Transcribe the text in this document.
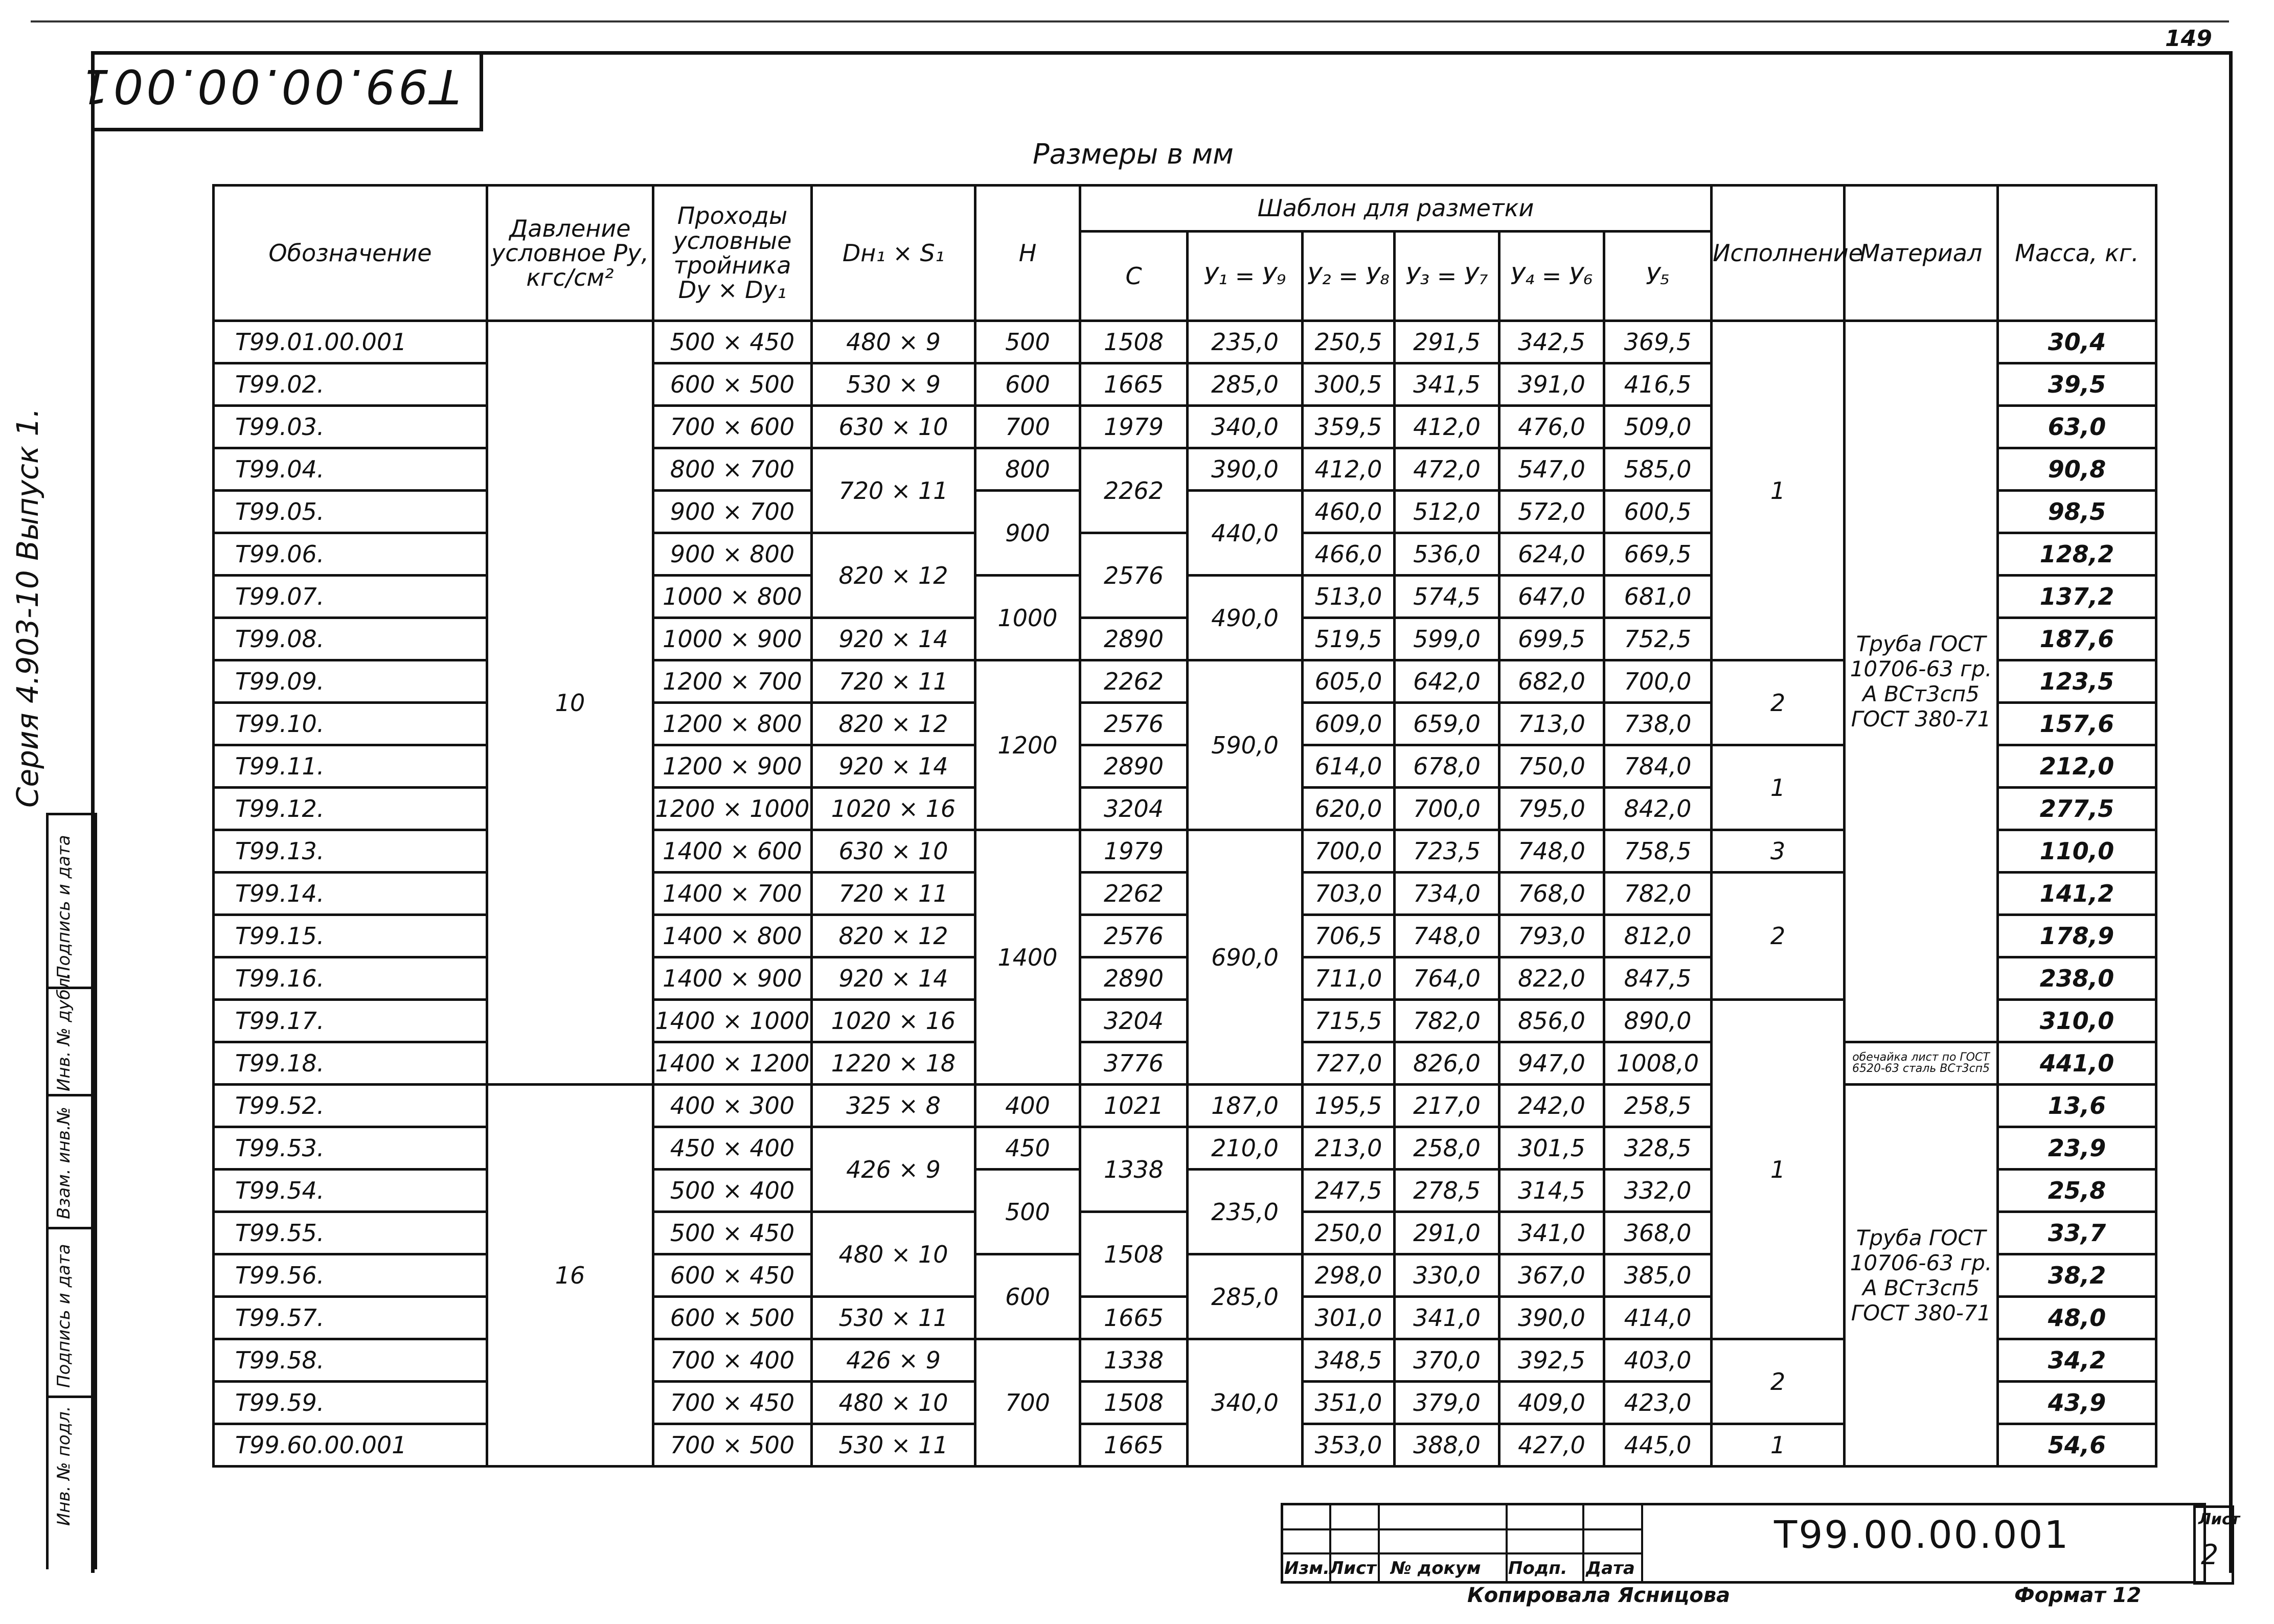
Т99.00.00.001
149
Размеры в мм
Серия 4.903-10 Выпуск 1.
Подпись и дата
Инв. № дубл.
Взам. инв.№
Подпись и дата
Инв. № подл.
Обозначение	Давление условное Pу, кгс/см²	Проходы условные тройника Dу × Dу₁	Dн₁ × S₁	Н	Шаблон для разметки						Исполнение	Материал	Масса, кг.
					С	У₁ = У₉	У₂ = У₈	У₃ = У₇	У₄ = У₆	У₅			
Т99.01.00.001	10	500 × 450	480 × 9	500	1508	235,0	250,5	291,5	342,5	369,5	1	Труба ГОСТ 10706-63 гр. А ВСт3сп5 ГОСТ 380-71	30,4
Т99.02.		600 × 500	530 × 9	600	1665	285,0	300,5	341,5	391,0	416,5			39,5
Т99.03.		700 × 600	630 × 10	700	1979	340,0	359,5	412,0	476,0	509,0			63,0
Т99.04.		800 × 700	720 × 11	800	2262	390,0	412,0	472,0	547,0	585,0			90,8
Т99.05.		900 × 700		900		440,0	460,0	512,0	572,0	600,5			98,5
Т99.06.		900 × 800	820 × 12		2576		466,0	536,0	624,0	669,5			128,2
Т99.07.		1000 × 800		1000		490,0	513,0	574,5	647,0	681,0			137,2
Т99.08.		1000 × 900	920 × 14		2890		519,5	599,0	699,5	752,5			187,6
Т99.09.		1200 × 700	720 × 11	1200	2262	590,0	605,0	642,0	682,0	700,0	2		123,5
Т99.10.		1200 × 800	820 × 12		2576		609,0	659,0	713,0	738,0			157,6
Т99.11.		1200 × 900	920 × 14		2890		614,0	678,0	750,0	784,0	1		212,0
Т99.12.		1200 × 1000	1020 × 16		3204		620,0	700,0	795,0	842,0			277,5
Т99.13.		1400 × 600	630 × 10	1400	1979	690,0	700,0	723,5	748,0	758,5	3		110,0
Т99.14.		1400 × 700	720 × 11		2262		703,0	734,0	768,0	782,0	2		141,2
Т99.15.		1400 × 800	820 × 12		2576		706,5	748,0	793,0	812,0			178,9
Т99.16.		1400 × 900	920 × 14		2890		711,0	764,0	822,0	847,5			238,0
Т99.17.		1400 × 1000	1020 × 16		3204		715,5	782,0	856,0	890,0	1		310,0
Т99.18.		1400 × 1200	1220 × 18		3776		727,0	826,0	947,0	1008,0		обечайка лист по ГОСТ 6520-63 сталь ВСт3сп5	441,0
Т99.52.	16	400 × 300	325 × 8	400	1021	187,0	195,5	217,0	242,0	258,5		Труба ГОСТ 10706-63 гр. А ВСт3сп5 ГОСТ 380-71	13,6
Т99.53.		450 × 400	426 × 9	450	1338	210,0	213,0	258,0	301,5	328,5			23,9
Т99.54.		500 × 400		500		235,0	247,5	278,5	314,5	332,0			25,8
Т99.55.		500 × 450	480 × 10		1508		250,0	291,0	341,0	368,0			33,7
Т99.56.		600 × 450		600		285,0	298,0	330,0	367,0	385,0			38,2
Т99.57.		600 × 500	530 × 11		1665		301,0	341,0	390,0	414,0			48,0
Т99.58.		700 × 400	426 × 9	700	1338	340,0	348,5	370,0	392,5	403,0	2		34,2
Т99.59.		700 × 450	480 × 10		1508		351,0	379,0	409,0	423,0			43,9
Т99.60.00.001		700 × 500	530 × 11		1665		353,0	388,0	427,0	445,0	1		54,6
Т99.00.00.001
Изм. Лист № докум Подп. Дата
Лист
2
Копировала Ясницова	Формат 12
